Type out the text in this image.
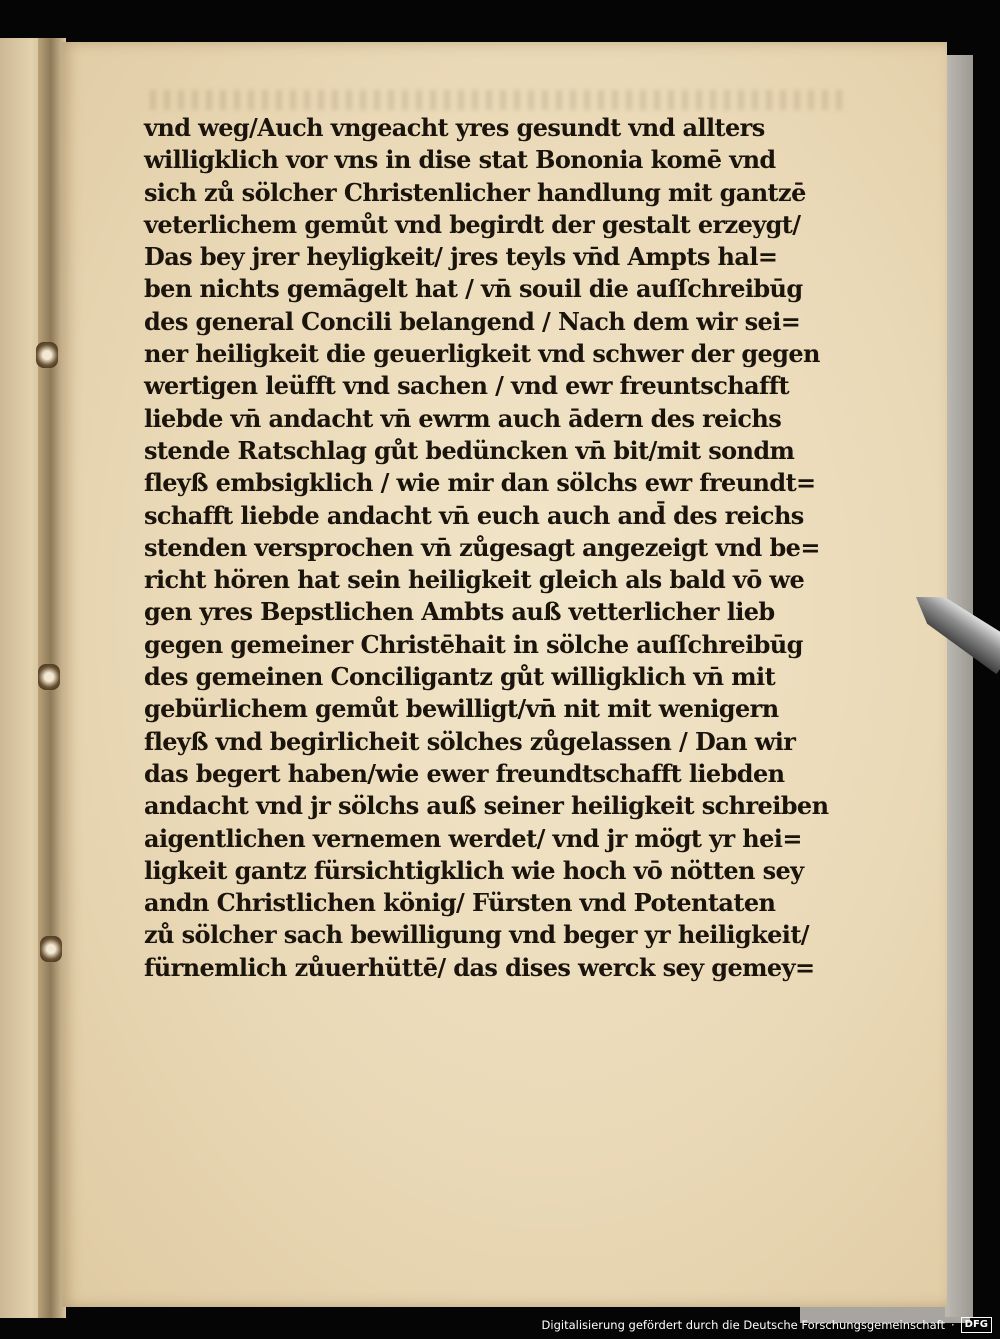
vnd weg/Auch vngeacht yres gesundt vnd allters
willigklich vor vns in dise stat Bononia komē vnd
sich zů sölcher Christenlicher handlung mit gantzē
veterlichem gemůt vnd begirdt der gestalt erzeygt/
Das bey jrer heyligkeit/ jres teyls vn̄d Ampts hal=
ben nichts gemāgelt hat / vn̄ souil die auſſchreibūg
des general Concili belangend / Nach dem wir sei=
ner heiligkeit die geuerligkeit vnd schwer der gegen
wertigen leüfft vnd sachen / vnd ewr freuntschafft
liebde vn̄ andacht vn̄ ewrm auch ādern des reichs
stende Ratschlag gůt bedüncken vn̄ bit/mit sondm
fleyß embsigklich / wie mir dan sölchs ewr freundt=
schafft liebde andacht vn̄ euch auch and̄ des reichs
stenden versprochen vn̄ zůgesagt angezeigt vnd be=
richt hören hat sein heiligkeit gleich als bald vō we
gen yres Bepstlichen Ambts auß vetterlicher lieb
gegen gemeiner Christēhait in sölche auſſchreibūg
des gemeinen Conciligantz gůt willigklich vn̄ mit
gebürlichem gemůt bewilligt/vn̄ nit mit wenigern
fleyß vnd begirlicheit sölches zůgelassen / Dan wir
das begert haben/wie ewer freundtschafft liebden
andacht vnd jr sölchs auß seiner heiligkeit schreiben
aigentlichen vernemen werdet/ vnd jr mögt yr hei=
ligkeit gantz fürsichtigklich wie hoch vō nötten sey
andn Christlichen könig/ Fürsten vnd Potentaten
zů sölcher sach bewilligung vnd beger yr heiligkeit/
fürnemlich zůuerhüttē/ das dises werck sey gemey=
Digitalisierung gefördert durch die Deutsche Forschungsgemeinschaft ·	DFG
